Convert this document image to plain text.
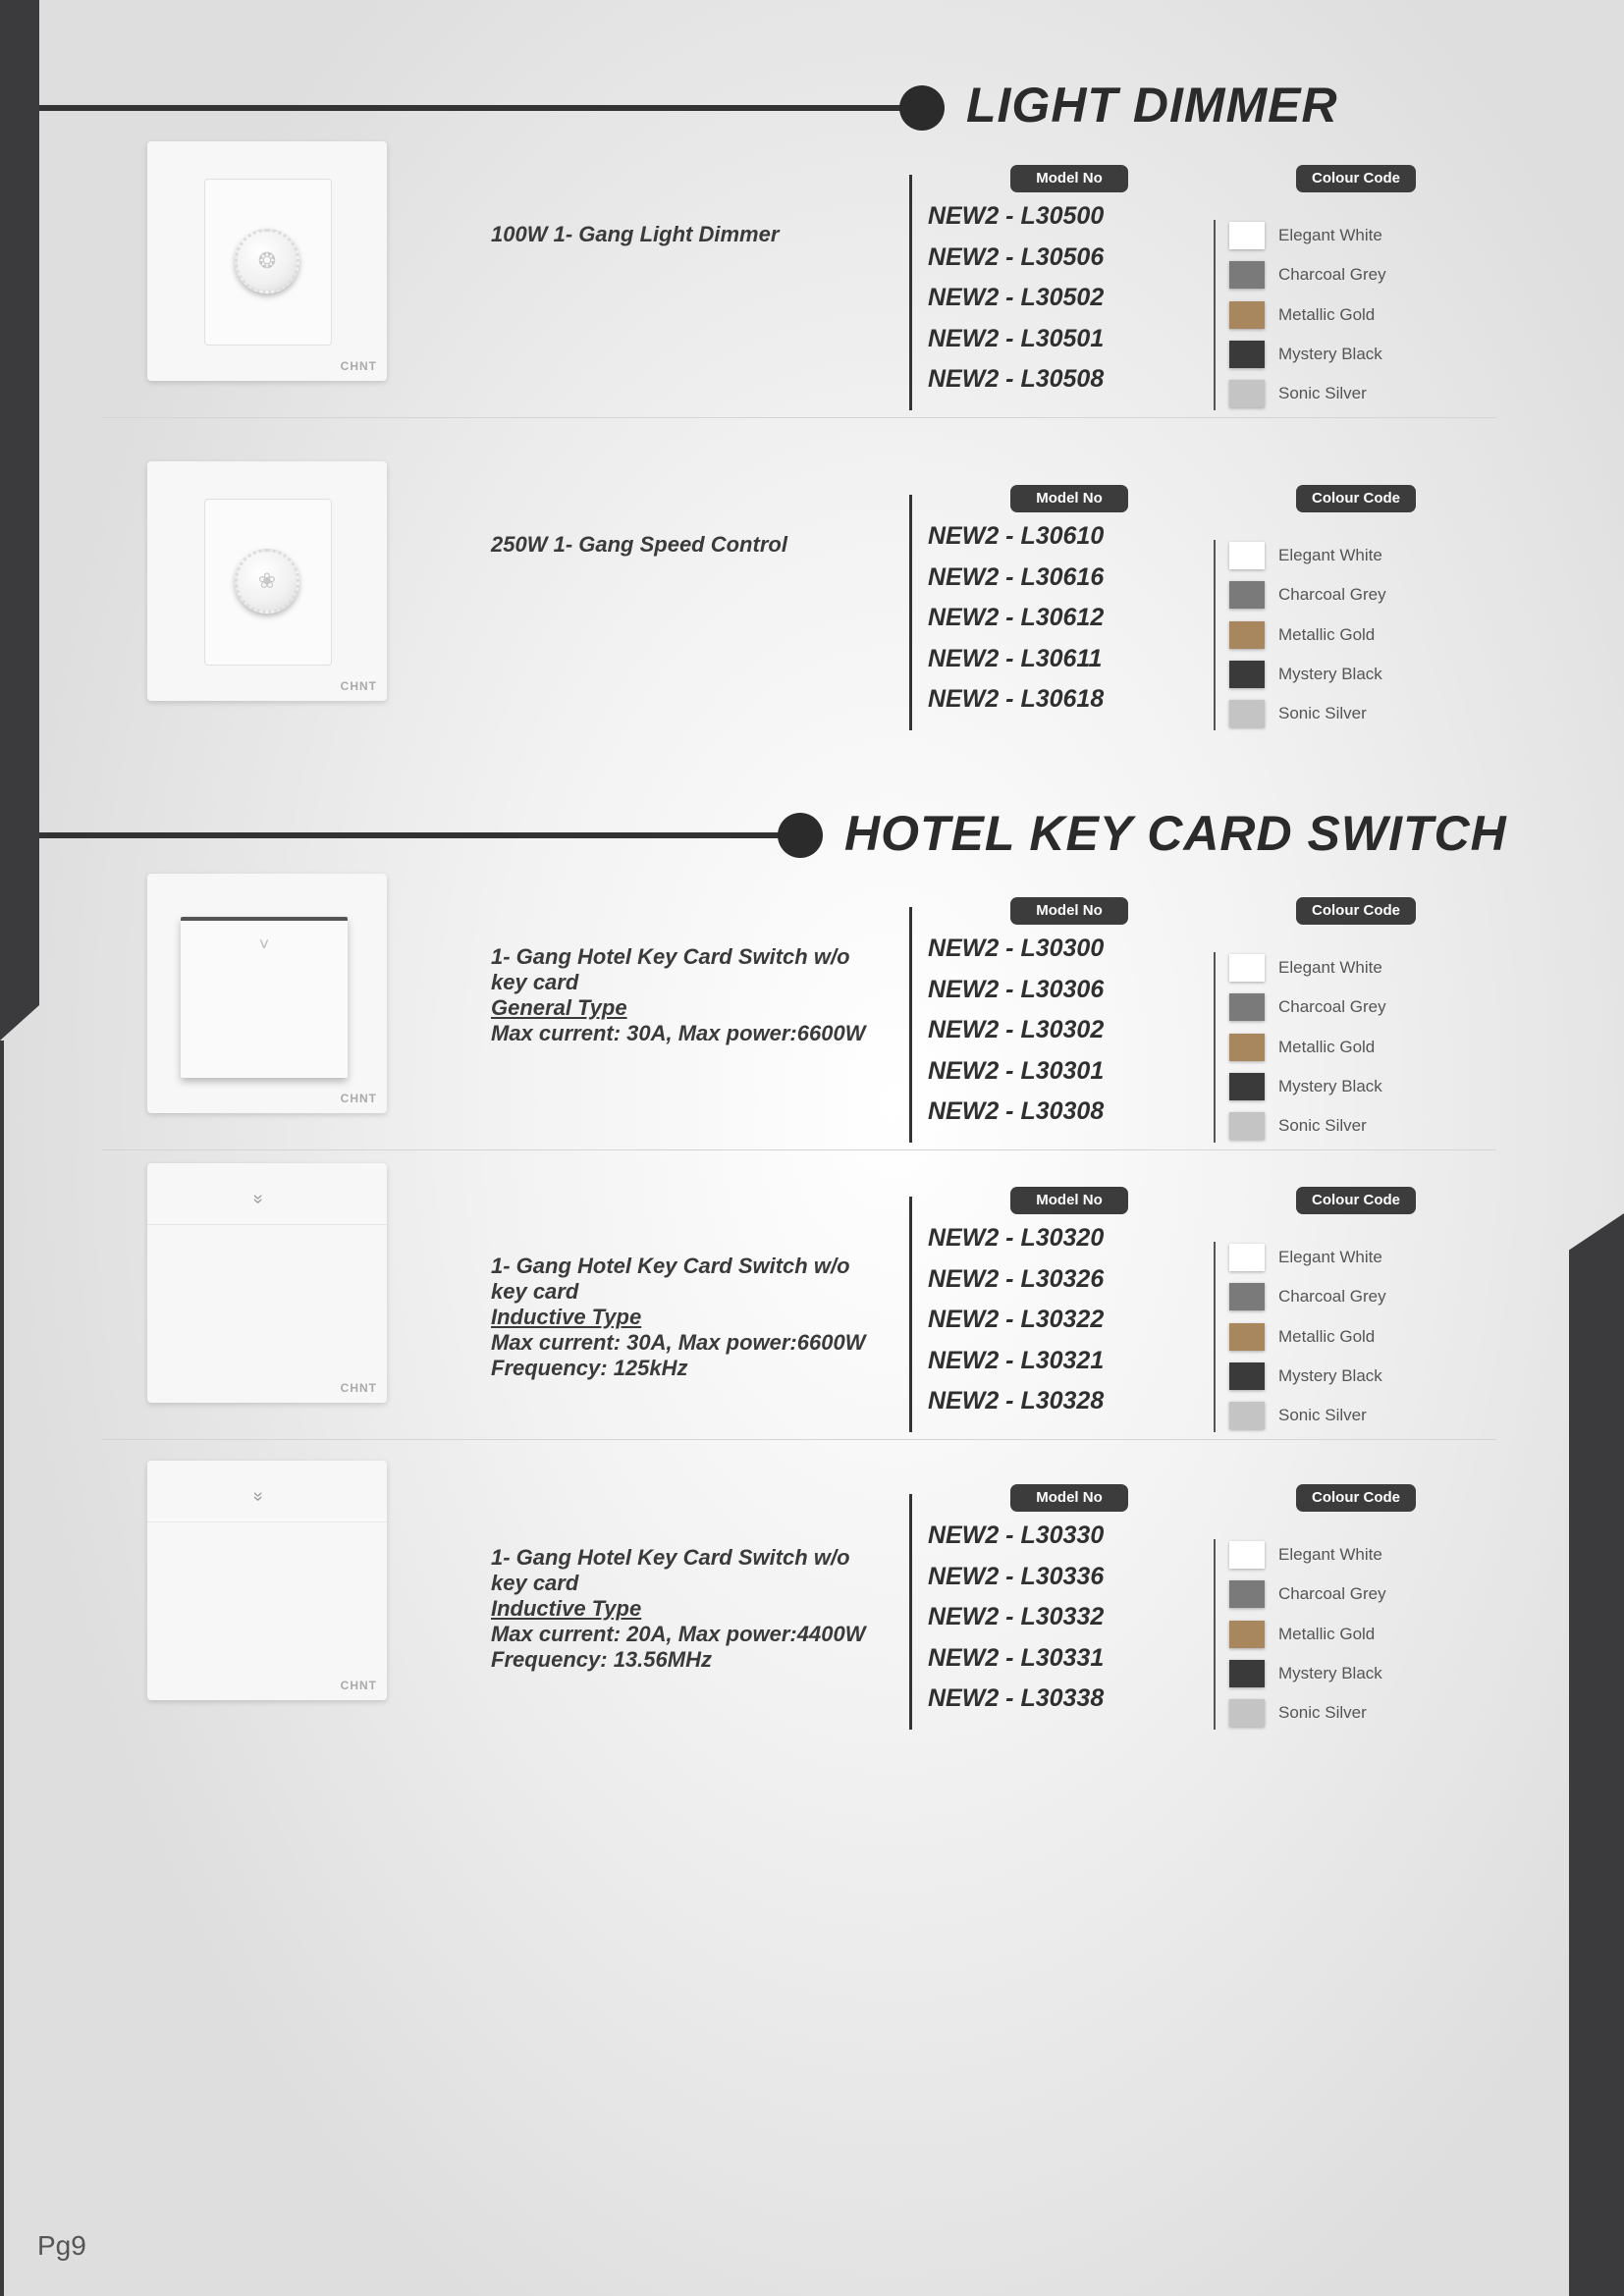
LIGHT DIMMER
HOTEL KEY CARD SWITCH
❂
CHNT
100W 1- Gang Light Dimmer
Model No
NEW2 - L30500
NEW2 - L30506
NEW2 - L30502
NEW2 - L30501
NEW2 - L30508
Colour Code
Elegant White
Charcoal Grey
Metallic Gold
Mystery Black
Sonic Silver
❀
CHNT
250W 1- Gang Speed Control
Model No
NEW2 - L30610
NEW2 - L30616
NEW2 - L30612
NEW2 - L30611
NEW2 - L30618
Colour Code
Elegant White
Charcoal Grey
Metallic Gold
Mystery Black
Sonic Silver
˅
CHNT
1- Gang Hotel Key Card Switch w/o
key card
General Type
Max current: 30A, Max power:6600W
Model No
NEW2 - L30300
NEW2 - L30306
NEW2 - L30302
NEW2 - L30301
NEW2 - L30308
Colour Code
Elegant White
Charcoal Grey
Metallic Gold
Mystery Black
Sonic Silver
»
CHNT
1- Gang Hotel Key Card Switch w/o
key card
Inductive Type
Max current: 30A, Max power:6600W
Frequency: 125kHz
Model No
NEW2 - L30320
NEW2 - L30326
NEW2 - L30322
NEW2 - L30321
NEW2 - L30328
Colour Code
Elegant White
Charcoal Grey
Metallic Gold
Mystery Black
Sonic Silver
»
CHNT
1- Gang Hotel Key Card Switch w/o
key card
Inductive Type
Max current: 20A, Max power:4400W
Frequency: 13.56MHz
Model No
NEW2 - L30330
NEW2 - L30336
NEW2 - L30332
NEW2 - L30331
NEW2 - L30338
Colour Code
Elegant White
Charcoal Grey
Metallic Gold
Mystery Black
Sonic Silver
Pg9
